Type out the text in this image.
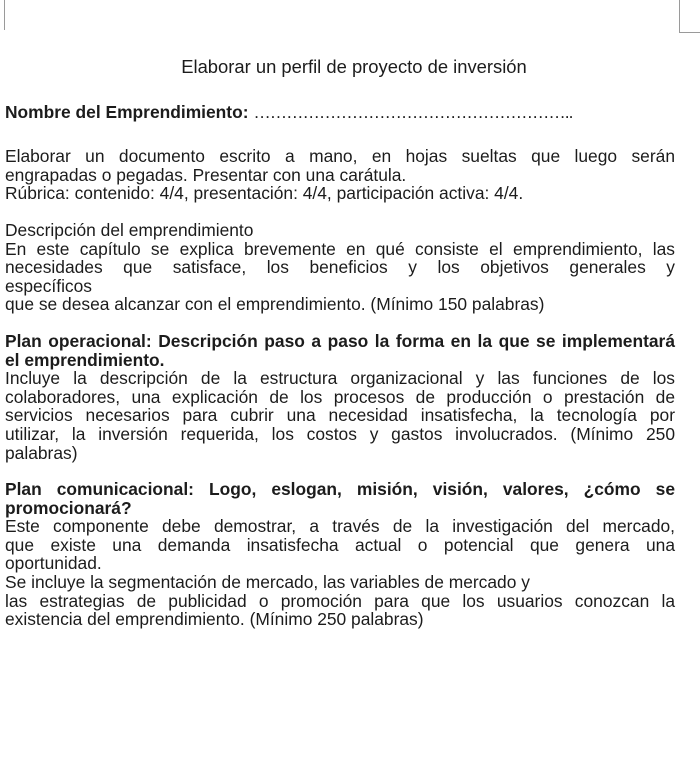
Elaborar un perfil de proyecto de inversión
Nombre del Emprendimiento: …………………………………………………..

Elaborar un documento escrito a mano, en hojas sueltas que luego serán

engrapadas o pegadas. Presentar con una carátula.

Rúbrica: contenido: 4/4, presentación: 4/4, participación activa: 4/4.

Descripción del emprendimiento

En este capítulo se explica brevemente en qué consiste el emprendimiento, las

necesidades que satisface, los beneficios y los objetivos generales y

específicos

que se desea alcanzar con el emprendimiento. (Mínimo 150 palabras)

Plan operacional: Descripción paso a paso la forma en la que se implementará

el emprendimiento.

Incluye la descripción de la estructura organizacional y las funciones de los

colaboradores, una explicación de los procesos de producción o prestación de

servicios necesarios para cubrir una necesidad insatisfecha, la tecnología por

utilizar, la inversión requerida, los costos y gastos involucrados. (Mínimo 250

palabras)

Plan comunicacional: Logo, eslogan, misión, visión, valores, ¿cómo se

promocionará?

Este componente debe demostrar, a través de la investigación del mercado,

que existe una demanda insatisfecha actual o potencial que genera una

oportunidad.

Se incluye la segmentación de mercado, las variables de mercado y

las estrategias de publicidad o promoción para que los usuarios conozcan la

existencia del emprendimiento. (Mínimo 250 palabras)
